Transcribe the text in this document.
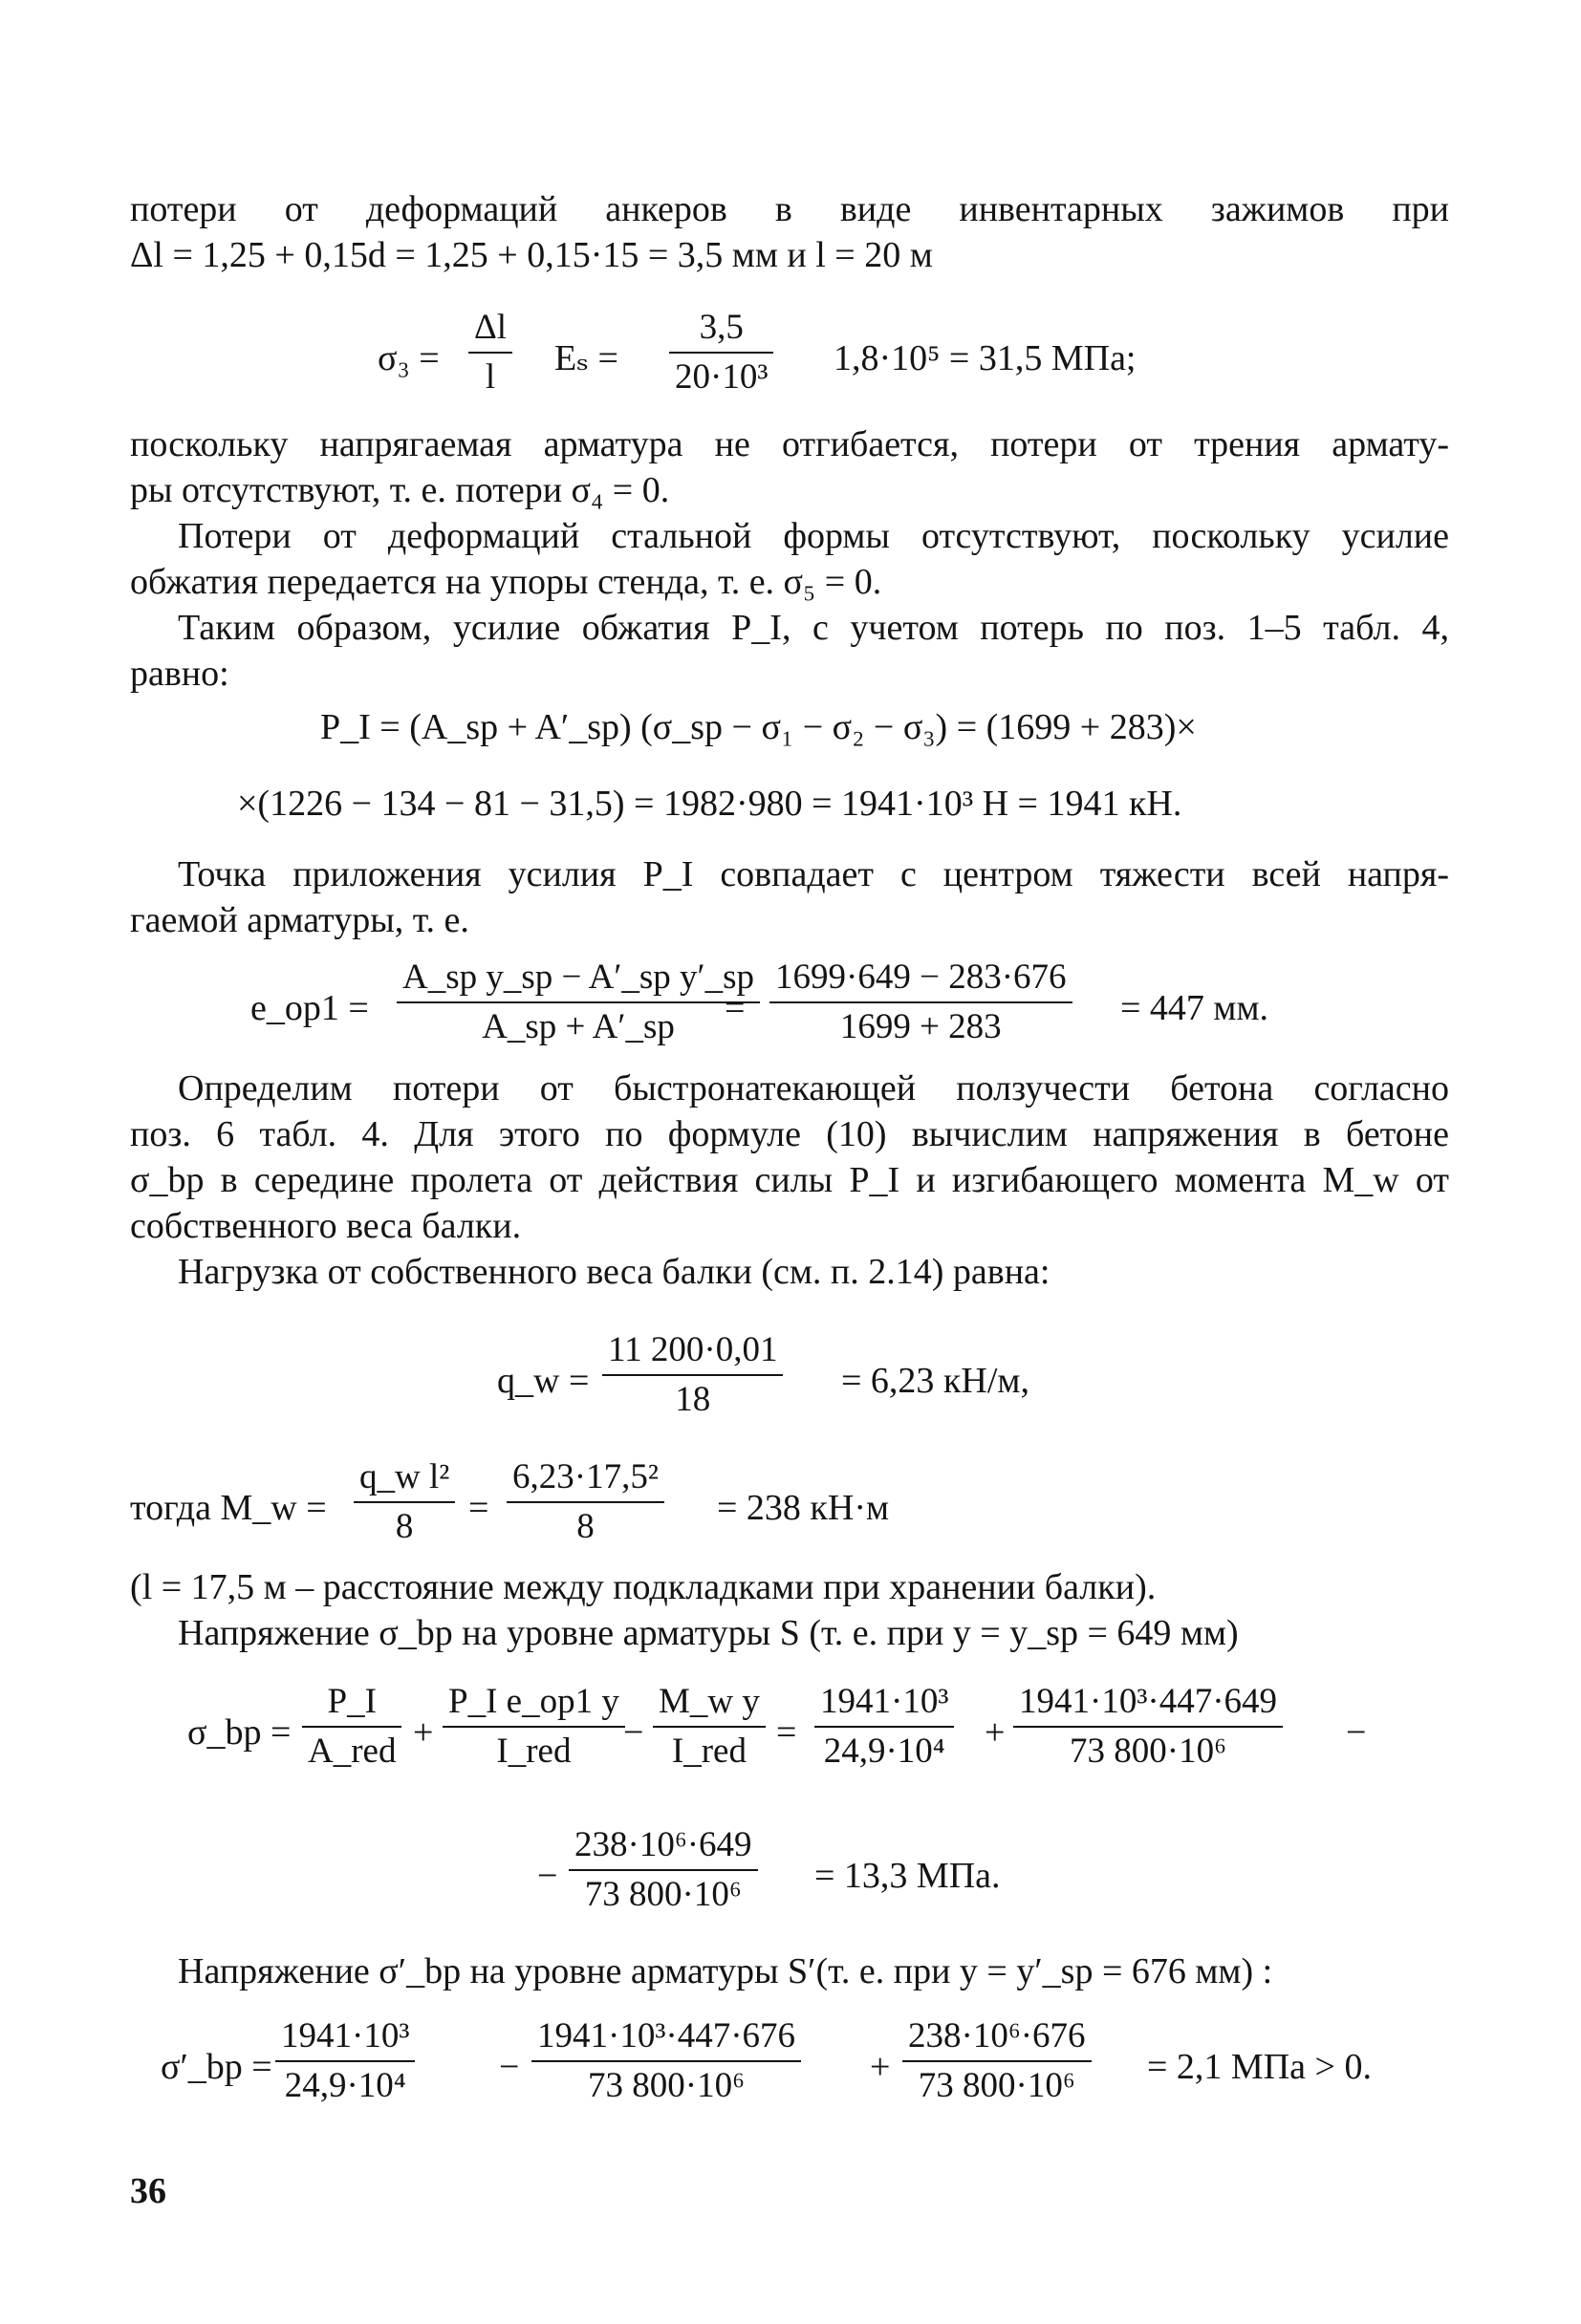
потери от деформаций анкеров в виде инвентарных зажимов при
Δl = 1,25 + 0,15d = 1,25 + 0,15·15 = 3,5 мм и l = 20 м
σ₃ =
Δl
l Eₛ =
3,5
20·10³ 1,8·10⁵ = 31,5 МПа;
поскольку напрягаемая арматура не отгибается, потери от трения армату-
ры отсутствуют, т. е. потери σ₄ = 0.
Потери от деформаций стальной формы отсутствуют, поскольку усилие
обжатия передается на упоры стенда, т. е. σ₅ = 0.
Таким образом, усилие обжатия P_I, с учетом потерь по поз. 1–5 табл. 4,
равно:
P_I = (A_sp + A′_sp) (σ_sp − σ₁ − σ₂ − σ₃) = (1699 + 283)×
×(1226 − 134 − 81 − 31,5) = 1982·980 = 1941·10³ Н = 1941 кН.
Точка приложения усилия P_I совпадает с центром тяжести всей напря-
гаемой арматуры, т. е.
e_op1 =
A_sp y_sp − A′_sp y′_sp
A_sp + A′_sp =
1699·649 − 283·676
1699 + 283	= 447 мм.
Определим потери от быстронатекающей ползучести бетона согласно
поз. 6 табл. 4. Для этого по формуле (10) вычислим напряжения в бетоне
σ_bp в середине пролета от действия силы P_I и изгибающего момента M_w от
собственного веса балки.
Нагрузка от собственного веса балки (см. п. 2.14) равна:
q_w =
11 200·0,01
18	= 6,23 кН/м,
тогда M_w =
q_w l²
8 =
6,23·17,5²
8	= 238 кН·м
(l = 17,5 м – расстояние между подкладками при хранении балки).
Напряжение σ_bp на уровне арматуры S (т. е. при y = y_sp = 649 мм)
σ_bp =
P_I
A_red +
P_I e_op1 y
I_red −
M_w y
I_red =
1941·10³
24,9·10⁴ +
1941·10³·447·649
73 800·10⁶	−
−
238·10⁶·649
73 800·10⁶ = 13,3 МПа.
Напряжение σ′_bp на уровне арматуры S′(т. е. при y = y′_sp = 676 мм) :
σ′_bp =
1941·10³
24,9·10⁴	−
1941·10³·447·676
73 800·10⁶	+
238·10⁶·676
73 800·10⁶ = 2,1 МПа > 0.
36
